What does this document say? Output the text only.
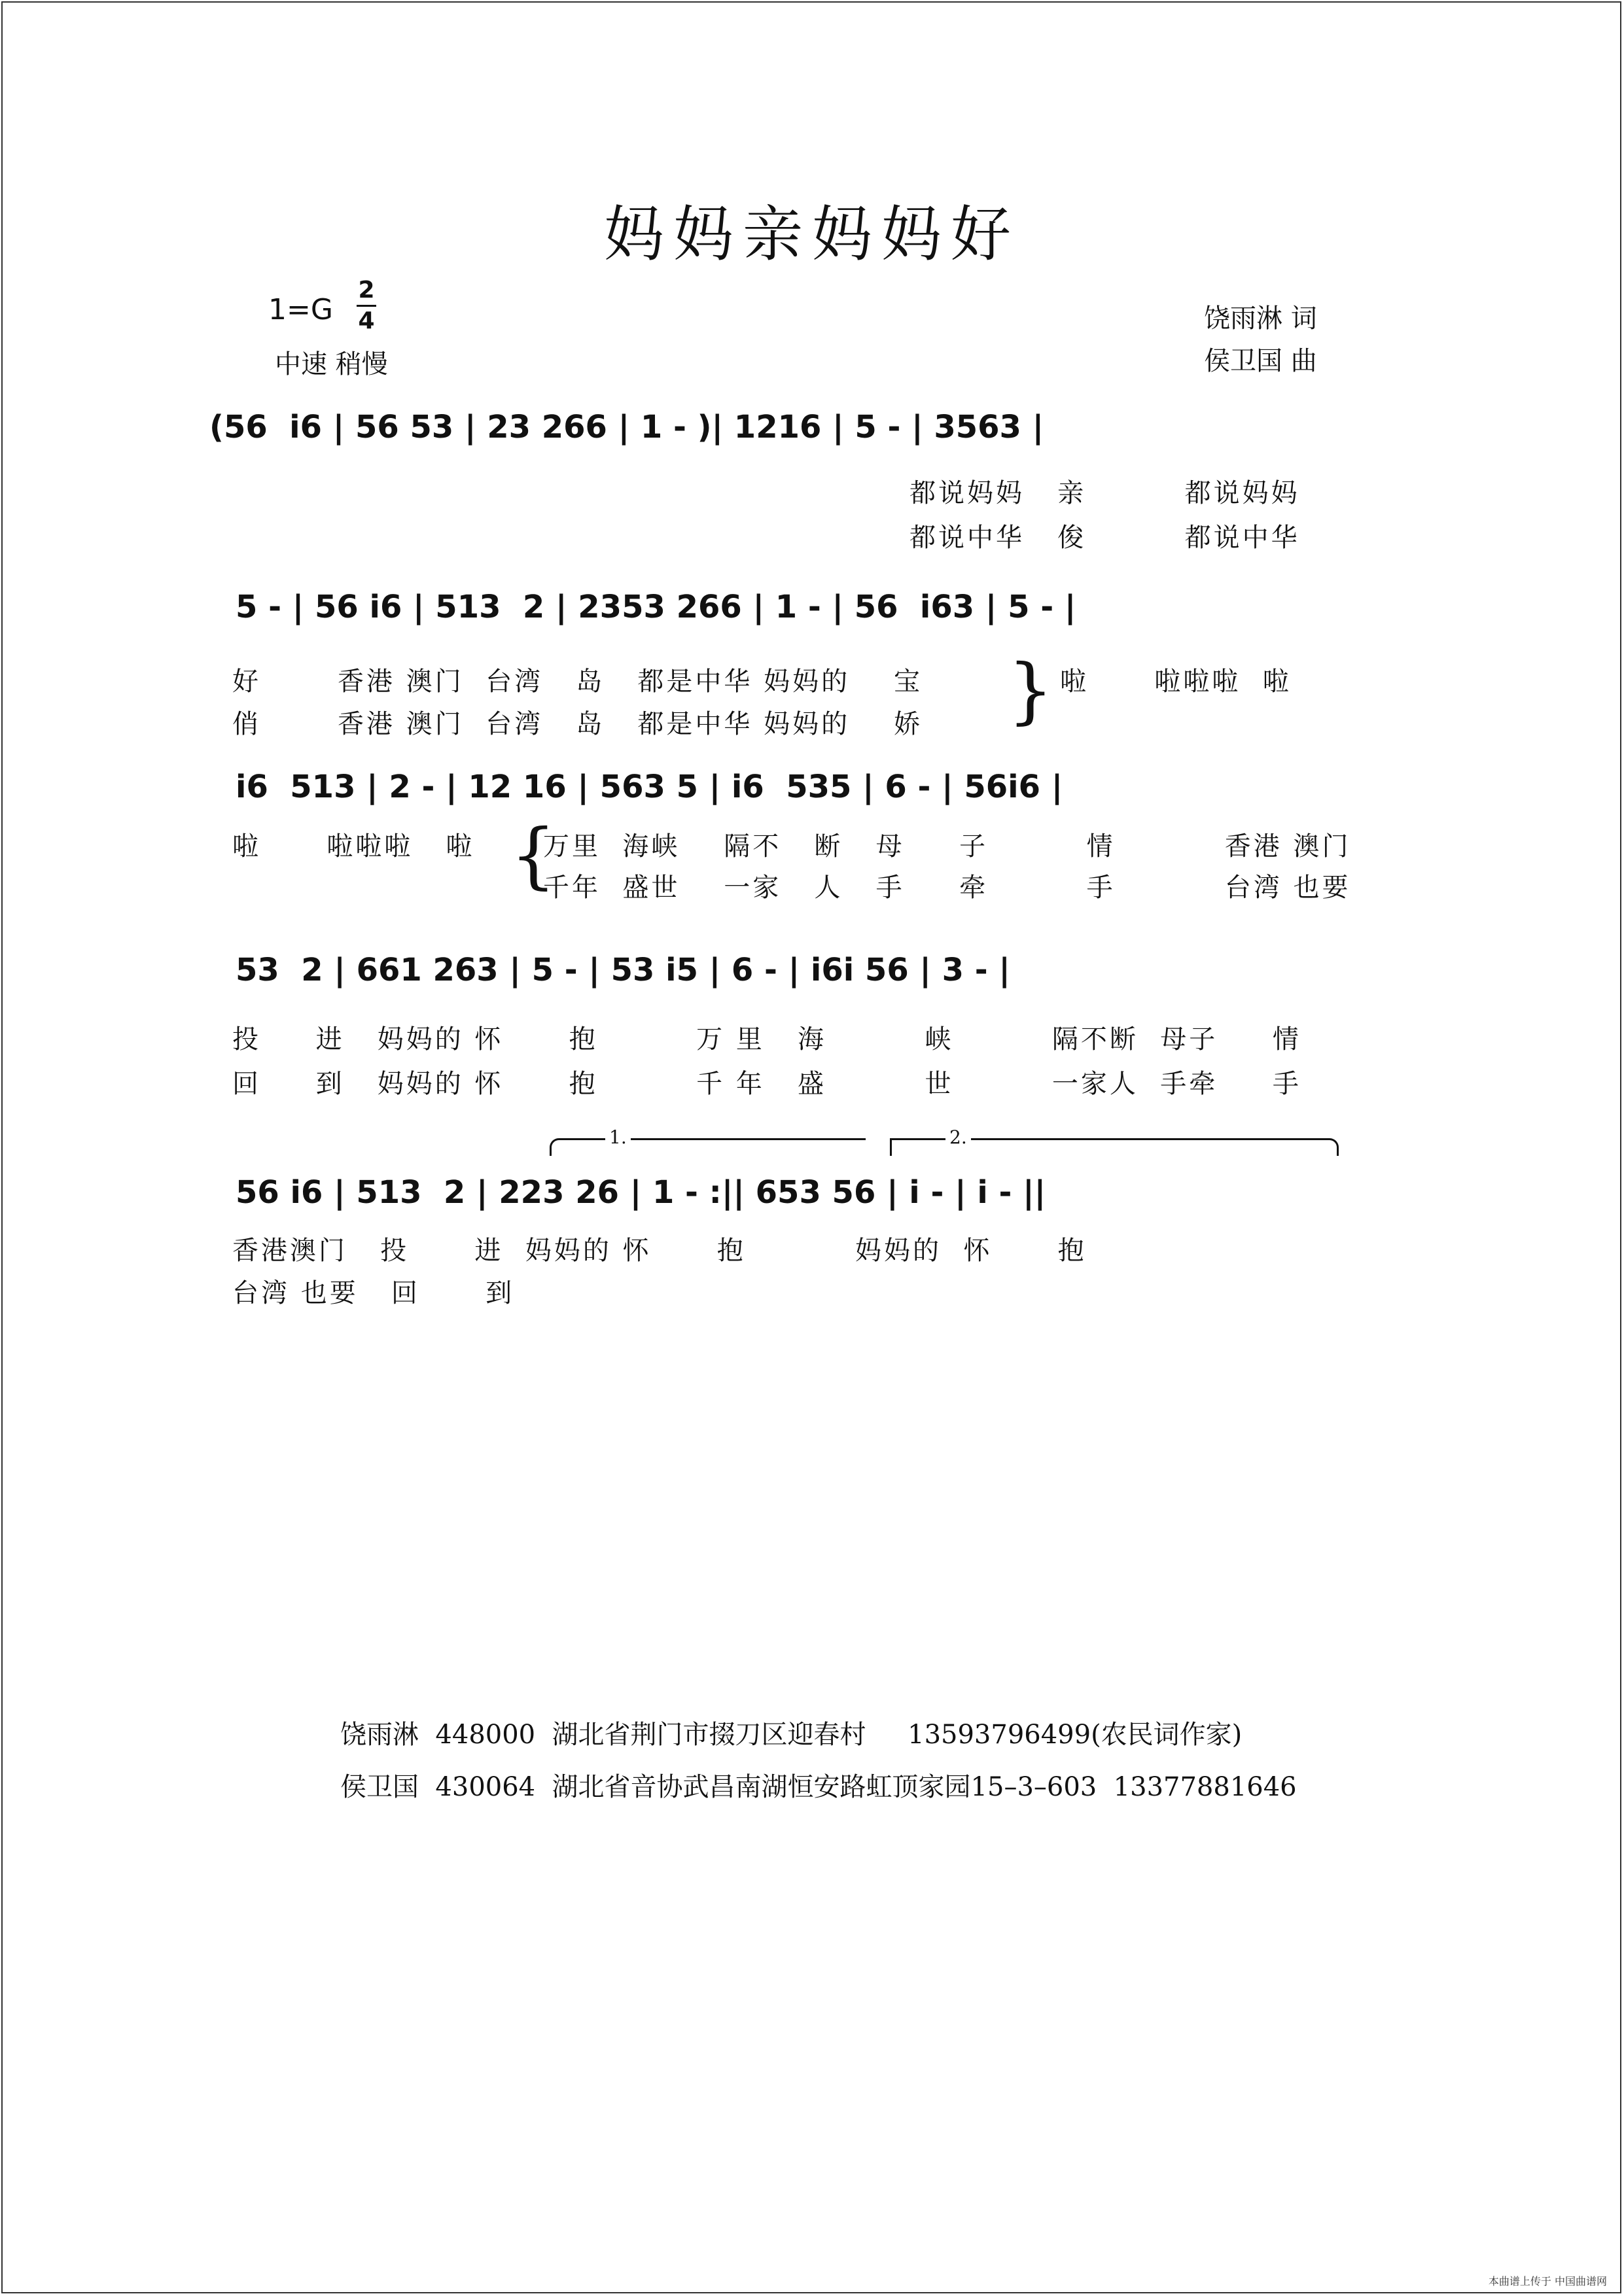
妈妈亲妈妈好
1=G
2
4
中速 稍慢
饶雨淋 词
侯卫国 曲
(56  i6 | 56 53 | 23 266 | 1 - )| 1216 | 5 - | 3563 |
都说妈妈   亲         都说妈妈
都说中华   俊         都说中华
5 - | 56 i6 | 513  2 | 2353 266 | 1 - | 56  i63 | 5 - |
好       香港 澳门  台湾   岛   都是中华 妈妈的    宝
俏       香港 澳门  台湾   岛   都是中华 妈妈的    娇 } 啦      啦啦啦  啦
i6  513 | 2 - | 12 16 | 563 5 | i6  535 | 6 - | 56i6 |
啦      啦啦啦   啦 {
万里  海峡    隔不   断   母     子         情          香港 澳门
千年  盛世    一家   人   手     牵         手          台湾 也要
53  2 | 661 263 | 5 - | 53 i5 | 6 - | i6i 56 | 3 - |
投     进   妈妈的 怀      抱         万 里   海         峡         隔不断  母子     情
回     到   妈妈的 怀      抱         千 年   盛         世         一家人  手牵     手
1.	2.
56 i6 | 513  2 | 223 26 | 1 - :|| 653 56 | i - | i - ||
香港澳门   投      进  妈妈的 怀      抱          妈妈的  怀      抱
台湾 也要   回      到
饶雨淋  448000  湖北省荆门市掇刀区迎春村     13593796499(农民词作家)
侯卫国  430064  湖北省音协武昌南湖恒安路虹顶家园15–3–603  13377881646
本曲谱上传于 中国曲谱网
